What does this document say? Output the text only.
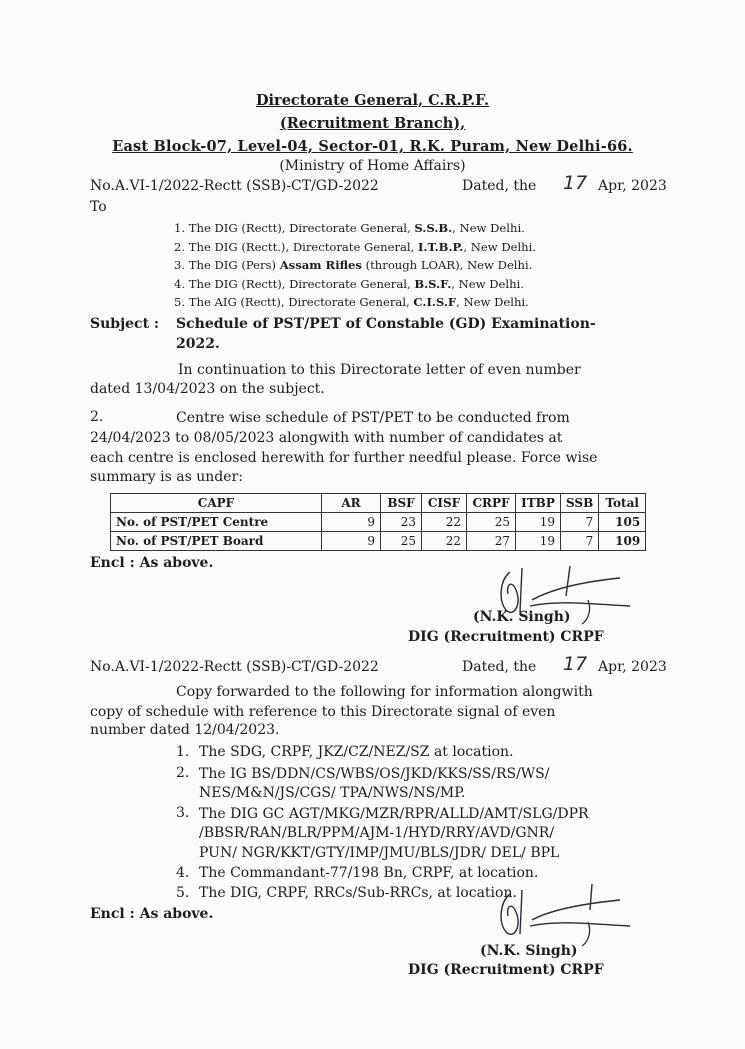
Directorate General, C.R.P.F.
(Recruitment Branch),
East Block-07, Level-04, Sector-01, R.K. Puram, New Delhi-66.
(Ministry of Home Affairs)
No.A.VI-1/2022-Rectt (SSB)-CT/GD-2022	Dated, the 17 Apr, 2023
To
1. The DIG (Rectt), Directorate General, S.S.B., New Delhi.
2. The DIG (Rectt.), Directorate General, I.T.B.P., New Delhi.
3. The DIG (Pers) Assam Rifles (through LOAR), New Delhi.
4. The DIG (Rectt), Directorate General, B.S.F., New Delhi.
5. The AIG (Rectt), Directorate General, C.I.S.F, New Delhi.
Subject : Schedule of PST/PET of Constable (GD) Examination-
2022.
In continuation to this Directorate letter of even number
dated 13/04/2023 on the subject.
2.	Centre wise schedule of PST/PET to be conducted from
24/04/2023 to 08/05/2023 alongwith with number of candidates at
each centre is enclosed herewith for further needful please. Force wise
summary is as under:
CAPF	AR	BSF	CISF	CRPF	ITBP	SSB	Total
No. of PST/PET Centre	9	23	22	25	19	7	105
No. of PST/PET Board	9	25	22	27	19	7	109
Encl : As above.
(N.K. Singh)
DIG (Recruitment) CRPF
No.A.VI-1/2022-Rectt (SSB)-CT/GD-2022	Dated, the 17 Apr, 2023
Copy forwarded to the following for information alongwith
copy of schedule with reference to this Directorate signal of even
number dated 12/04/2023.
1. The SDG, CRPF, JKZ/CZ/NEZ/SZ at location.
2. The IG BS/DDN/CS/WBS/OS/JKD/KKS/SS/RS/WS/
NES/M&N/JS/CGS/ TPA/NWS/NS/MP.
3. The DIG GC AGT/MKG/MZR/RPR/ALLD/AMT/SLG/DPR
/BBSR/RAN/BLR/PPM/AJM-1/HYD/RRY/AVD/GNR/
PUN/ NGR/KKT/GTY/IMP/JMU/BLS/JDR/ DEL/ BPL
4. The Commandant-77/198 Bn, CRPF, at location.
5. The DIG, CRPF, RRCs/Sub-RRCs, at location.
Encl : As above.
(N.K. Singh)
DIG (Recruitment) CRPF
